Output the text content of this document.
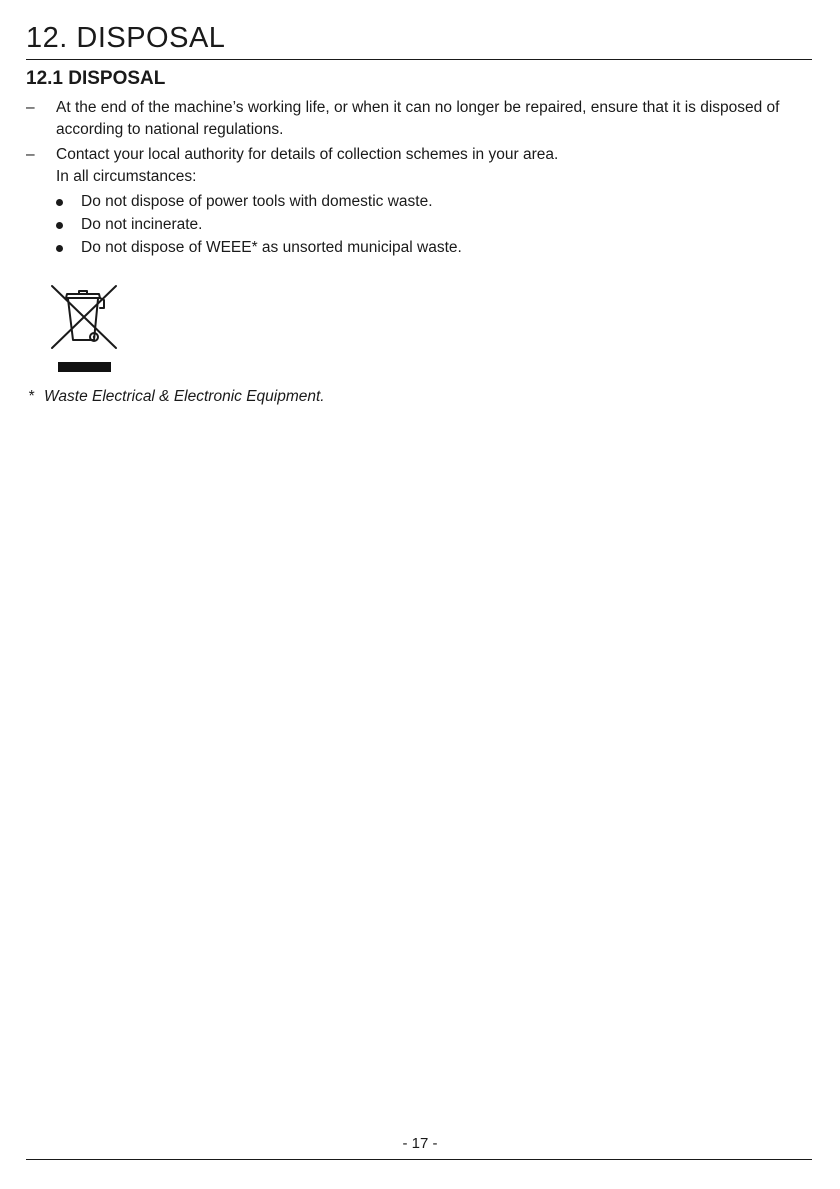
12. DISPOSAL
12.1 DISPOSAL
– At the end of the machine’s working life, or when it can no longer be repaired, ensure that it is disposed of according to national regulations.
– Contact your local authority for details of collection schemes in your area.
In all circumstances:
Do not dispose of power tools with domestic waste.
Do not incinerate.
Do not dispose of WEEE* as unsorted municipal waste.
* Waste Electrical & Electronic Equipment.
- 17 -
